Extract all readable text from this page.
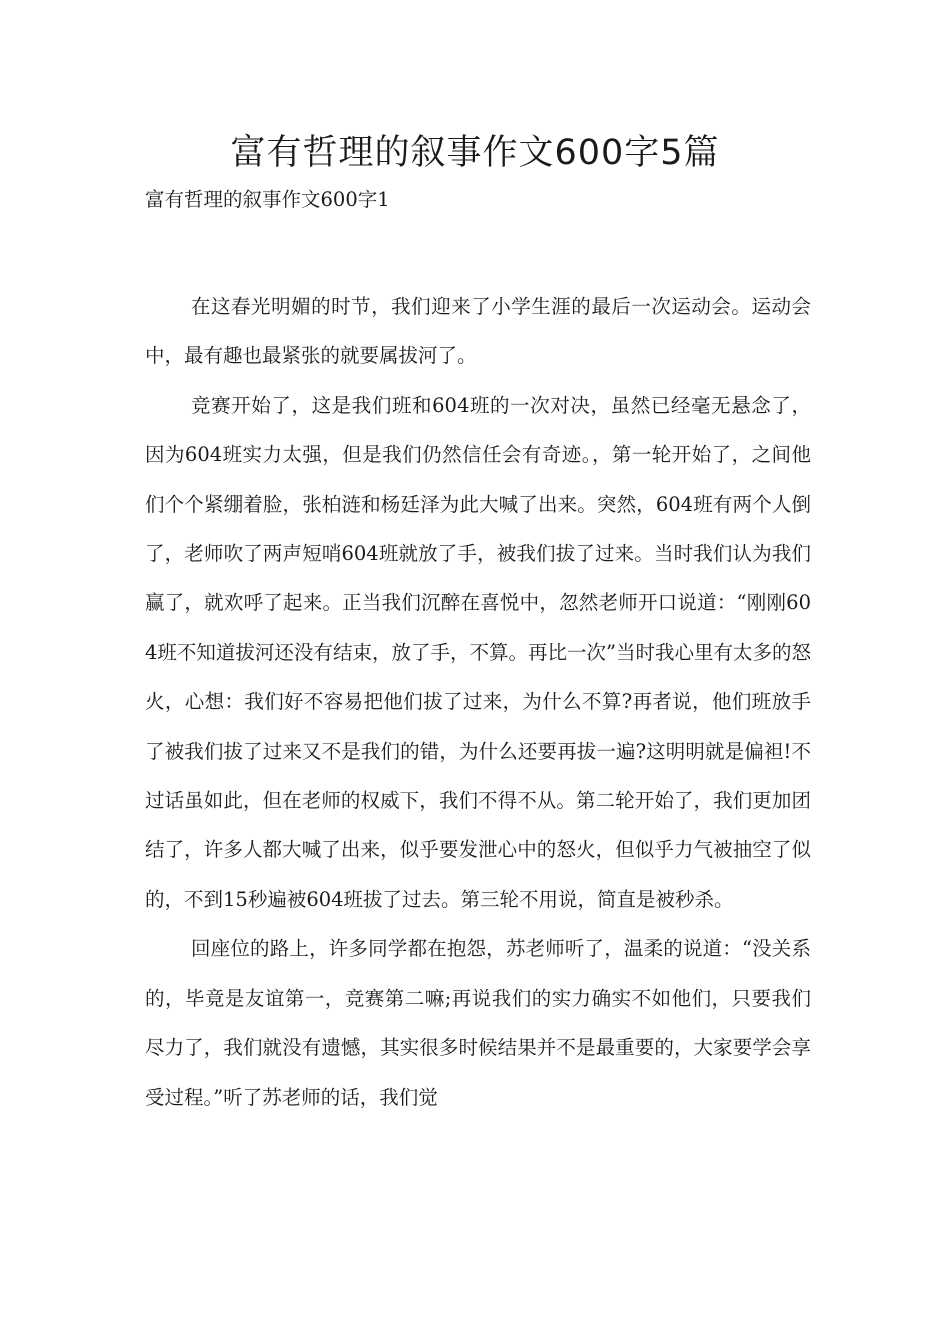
富有哲理的叙事作文600字5篇

富有哲理的叙事作文600字1

在这春光明媚的时节，我们迎来了小学生涯的最后一次运动会。运动会中，最有趣也最紧张的就要属拔河了。

竞赛开始了，这是我们班和604班的一次对决，虽然已经毫无悬念了，因为604班实力太强，但是我们仍然信任会有奇迹。，第一轮开始了，之间他们个个紧绷着脸，张柏涟和杨廷泽为此大喊了出来。突然，604班有两个人倒了，老师吹了两声短哨604班就放了手，被我们拔了过来。当时我们认为我们赢了，就欢呼了起来。正当我们沉醉在喜悦中，忽然老师开口说道：“刚刚604班不知道拔河还没有结束，放了手，不算。再比一次”当时我心里有太多的怒火，心想：我们好不容易把他们拔了过来，为什么不算?再者说，他们班放手了被我们拔了过来又不是我们的错，为什么还要再拔一遍?这明明就是偏袒!不过话虽如此，但在老师的权威下，我们不得不从。第二轮开始了，我们更加团结了，许多人都大喊了出来，似乎要发泄心中的怒火，但似乎力气被抽空了似的，不到15秒遍被604班拔了过去。第三轮不用说，简直是被秒杀。

回座位的路上，许多同学都在抱怨，苏老师听了，温柔的说道：“没关系的，毕竟是友谊第一，竞赛第二嘛;再说我们的实力确实不如他们，只要我们尽力了，我们就没有遗憾，其实很多时候结果并不是最重要的，大家要学会享受过程。”听了苏老师的话，我们觉
